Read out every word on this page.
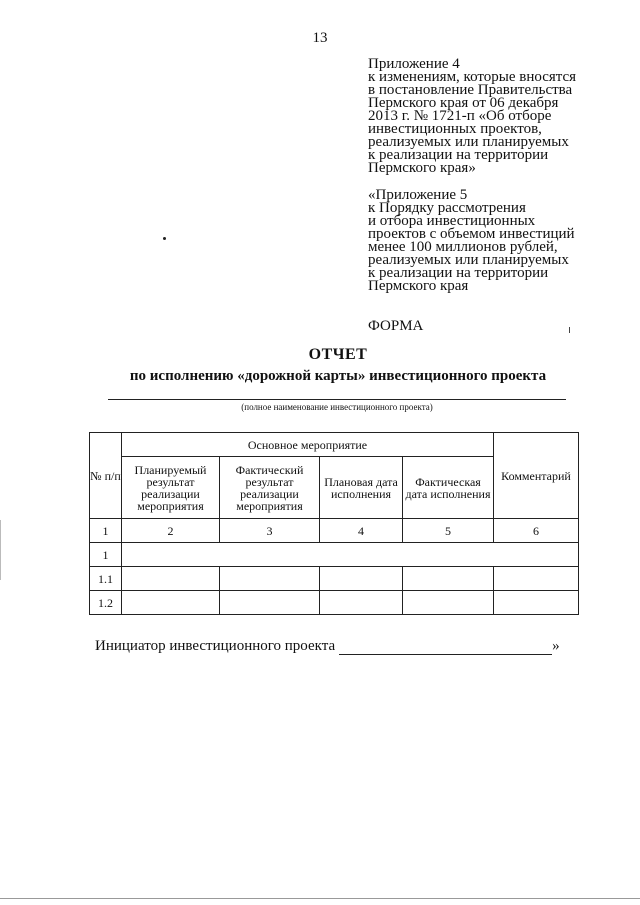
13
Приложение 4
к изменениям, которые вносятся
в постановление Правительства
Пермского края от 06 декабря
2013 г. № 1721-п «Об отборе
инвестиционных проектов,
реализуемых или планируемых
к реализации на территории
Пермского края»
«Приложение 5
к Порядку рассмотрения
и отбора инвестиционных
проектов с объемом инвестиций
менее 100 миллионов рублей,
реализуемых или планируемых
к реализации на территории
Пермского края
ФОРМА
ОТЧЕТ
по исполнению «дорожной карты» инвестиционного проекта
(полное наименование инвестиционного проекта)
№ п/п	Основное мероприятие				Комментарий
	Планируемый результат реализации мероприятия	Фактический результат реализации мероприятия	Плановая дата исполнения	Фактическая дата исполнения	
1	2	3	4	5	6
1					
1.1					
1.2					
Инициатор инвестиционного проекта	»
